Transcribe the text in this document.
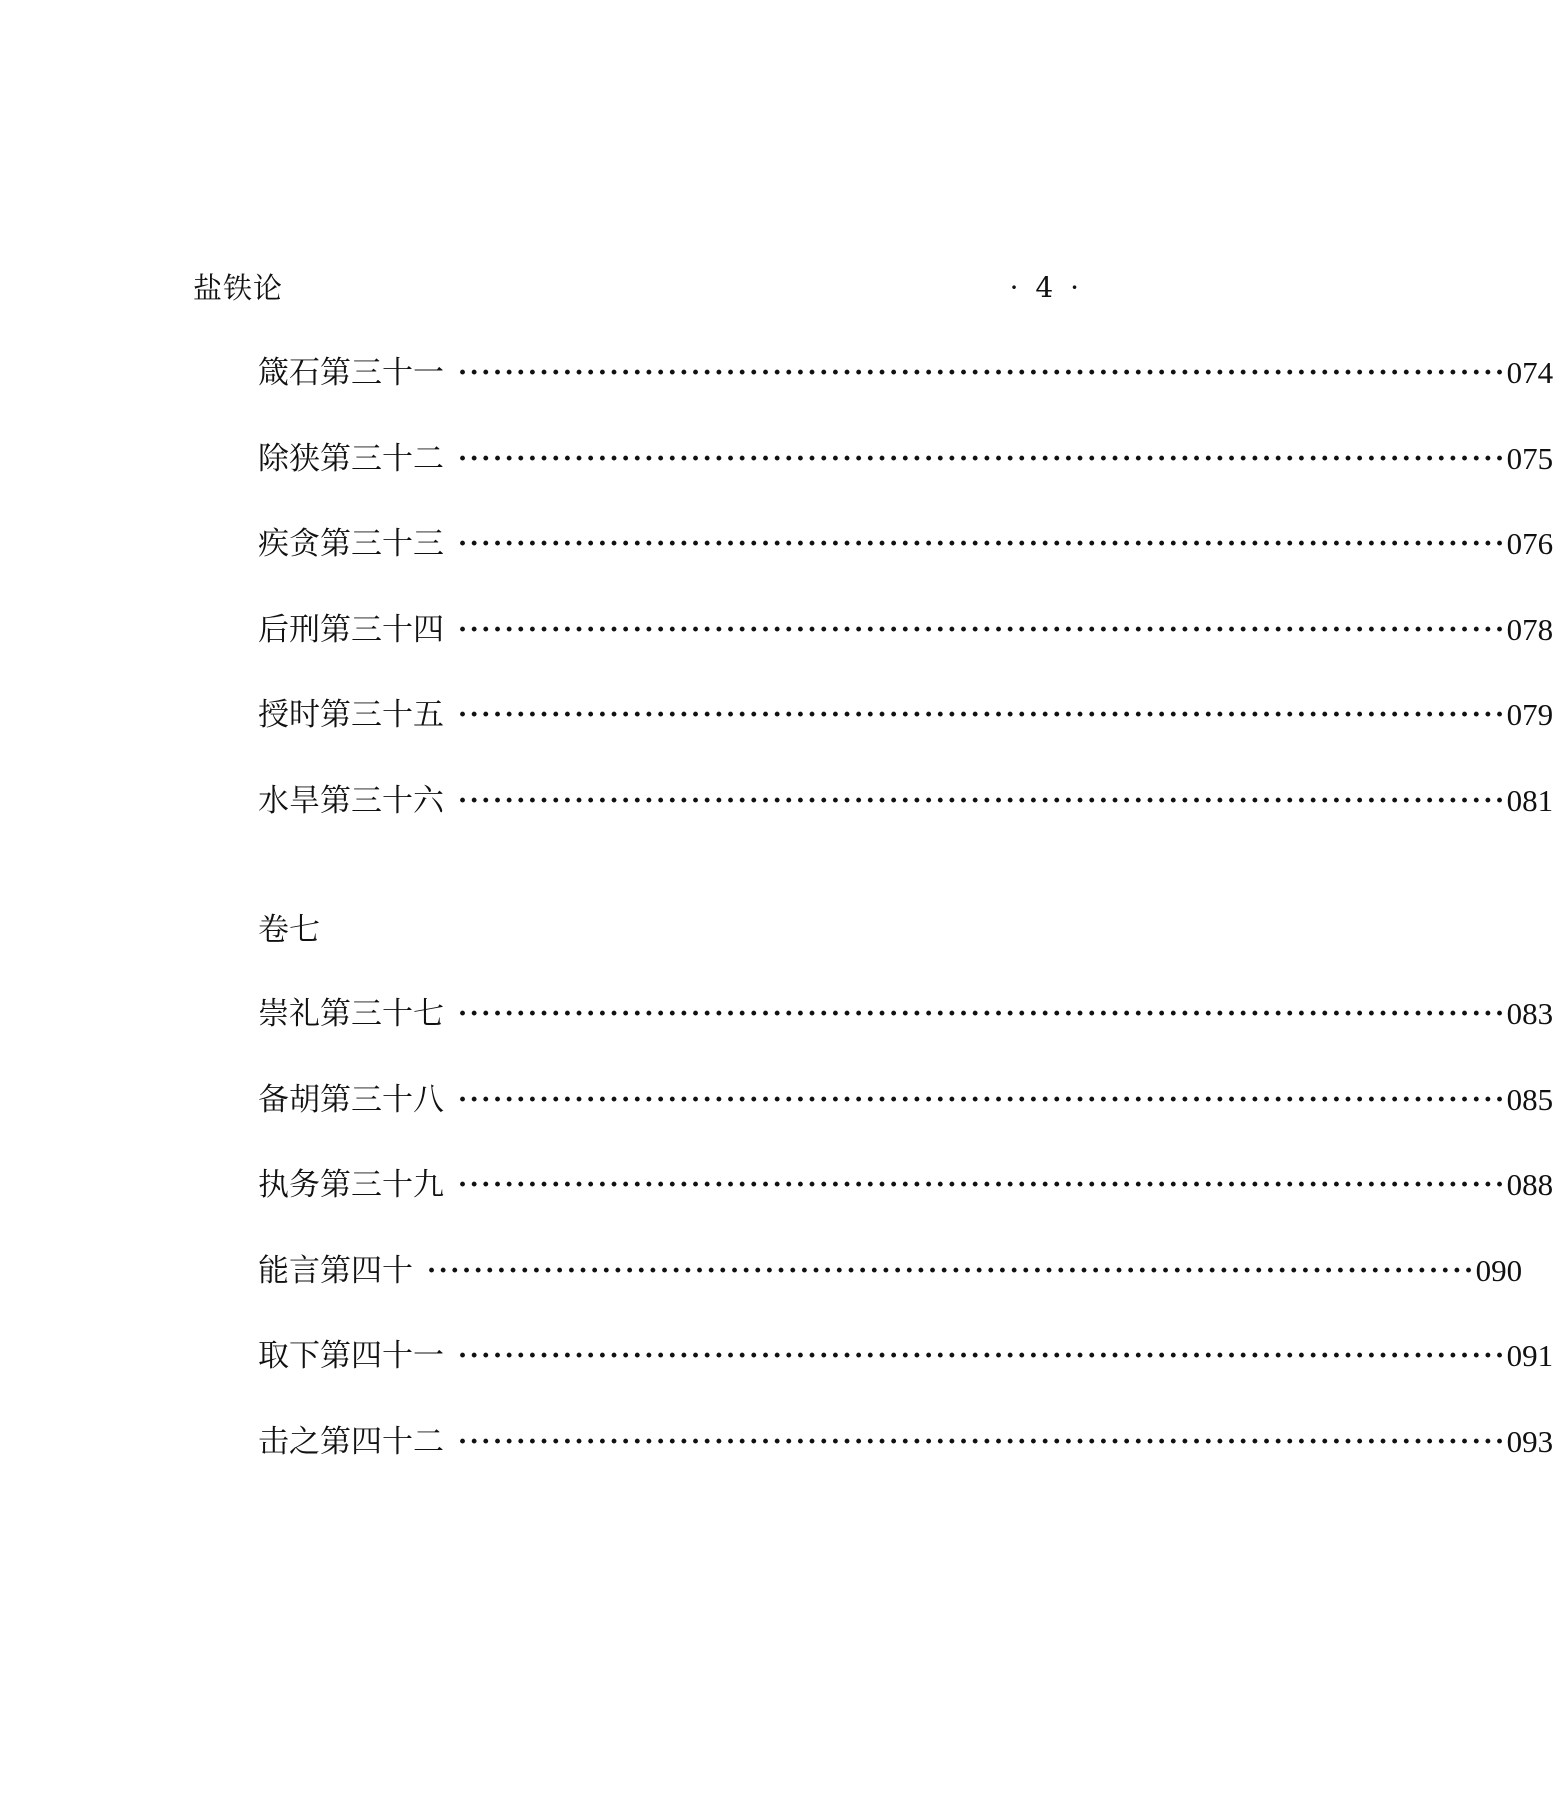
盐铁论	· 4 ·
箴石第三十一 ·························································································· 074
除狭第三十二 ·························································································· 075
疾贪第三十三 ·························································································· 076
后刑第三十四 ·························································································· 078
授时第三十五 ·························································································· 079
水旱第三十六 ·························································································· 081
卷七
崇礼第三十七 ·························································································· 083
备胡第三十八 ·························································································· 085
执务第三十九 ·························································································· 088
能言第四十 ·························································································· 090
取下第四十一 ·························································································· 091
击之第四十二 ·························································································· 093
